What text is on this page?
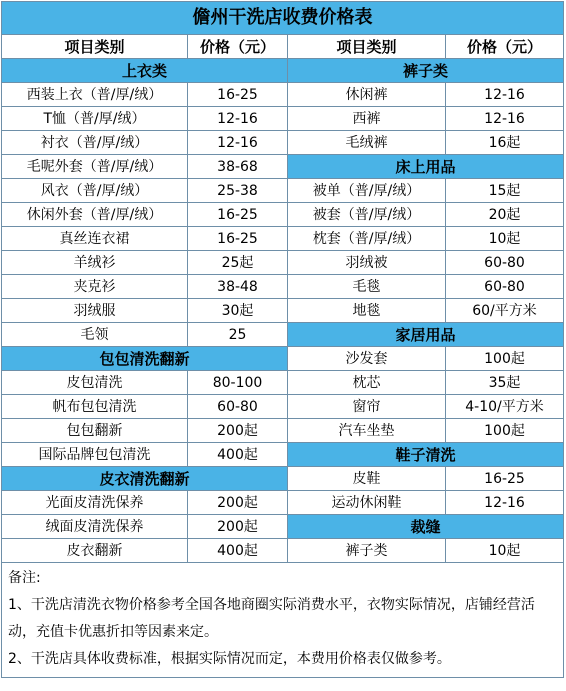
儋州干洗店收费价格表			
项目类别	价格（元）	项目类别	价格（元）
上衣类		裤子类	
西装上衣（普/厚/绒）	16-25	休闲裤	12-16
T恤（普/厚/绒）	12-16	西裤	12-16
衬衣（普/厚/绒）	12-16	毛绒裤	16起
毛呢外套（普/厚/绒）	38-68	床上用品	
风衣（普/厚/绒）	25-38	被单（普/厚/绒）	15起
休闲外套（普/厚/绒）	16-25	被套（普/厚/绒）	20起
真丝连衣裙	16-25	枕套（普/厚/绒）	10起
羊绒衫	25起	羽绒被	60-80
夹克衫	38-48	毛毯	60-80
羽绒服	30起	地毯	60/平方米
毛领	25	家居用品	
包包清洗翻新		沙发套	100起
皮包清洗	80-100	枕芯	35起
帆布包包清洗	60-80	窗帘	4-10/平方米
包包翻新	200起	汽车坐垫	100起
国际品牌包包清洗	400起	鞋子清洗	
皮衣清洗翻新		皮鞋	16-25
光面皮清洗保养	200起	运动休闲鞋	12-16
绒面皮清洗保养	200起	裁缝	
皮衣翻新	400起	裤子类	10起

备注:
1、干洗店清洗衣物价格参考全国各地商圈实际消费水平，衣物实际情况，店铺经营活动，充值卡优惠折扣等因素来定。
2、干洗店具体收费标准，根据实际情况而定，本费用价格表仅做参考。			
